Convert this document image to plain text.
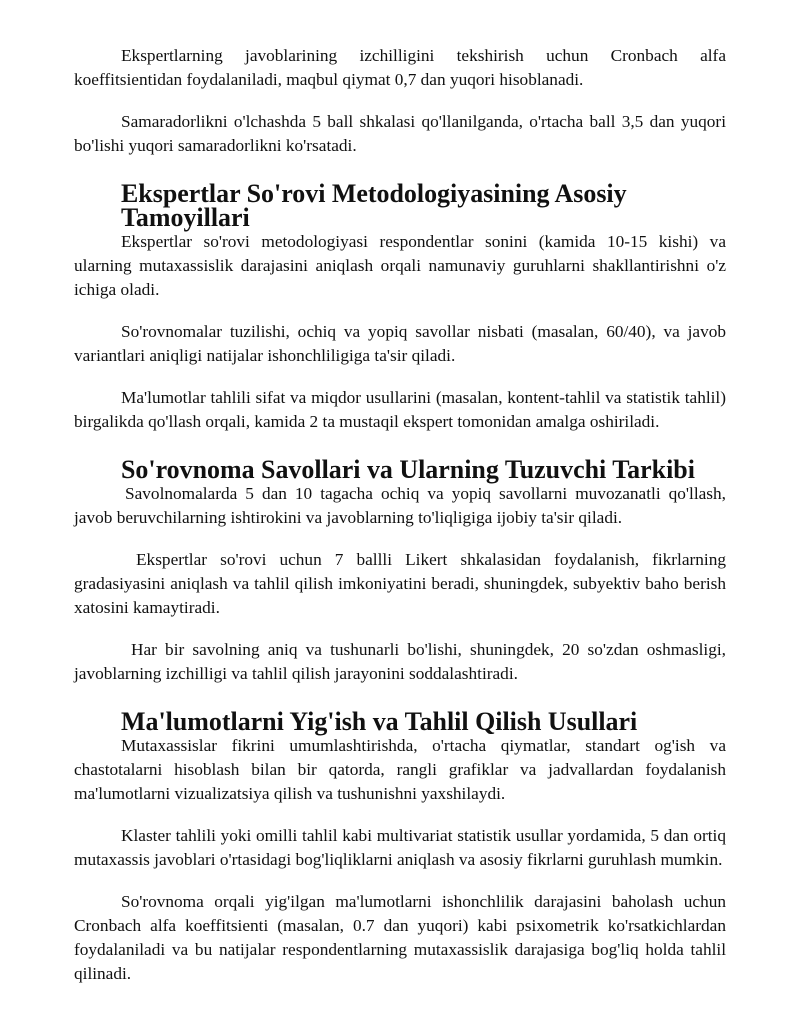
Ekspertlarning javoblarining izchilligini tekshirish uchun Cronbach alfa koeffitsientidan foydalaniladi, maqbul qiymat 0,7 dan yuqori hisoblanadi.

Samaradorlikni o'lchashda 5 ball shkalasi qo'llanilganda, o'rtacha ball 3,5 dan yuqori bo'lishi yuqori samaradorlikni ko'rsatadi.

Ekspertlar So'rovi Metodologiyasining Asosiy Tamoyillari

Ekspertlar so'rovi metodologiyasi respondentlar sonini (kamida 10-15 kishi) va ularning mutaxassislik darajasini aniqlash orqali namunaviy guruhlarni shakllantirishni o'z ichiga oladi.

So'rovnomalar tuzilishi, ochiq va yopiq savollar nisbati (masalan, 60/40), va javob variantlari aniqligi natijalar ishonchliligiga ta'sir qiladi.

Ma'lumotlar tahlili sifat va miqdor usullarini (masalan, kontent-tahlil va statistik tahlil) birgalikda qo'llash orqali, kamida 2 ta mustaqil ekspert tomonidan amalga oshiriladi.

So'rovnoma Savollari va Ularning Tuzuvchi Tarkibi

Savolnomalarda 5 dan 10 tagacha ochiq va yopiq savollarni muvozanatli qo'llash, javob beruvchilarning ishtirokini va javoblarning to'liqligiga ijobiy ta'sir qiladi.

Ekspertlar so'rovi uchun 7 ballli Likert shkalasidan foydalanish, fikrlarning gradasiyasini aniqlash va tahlil qilish imkoniyatini beradi, shuningdek, subyektiv baho berish xatosini kamaytiradi.

Har bir savolning aniq va tushunarli bo'lishi, shuningdek, 20 so'zdan oshmasligi, javoblarning izchilligi va tahlil qilish jarayonini soddalashtiradi.

Ma'lumotlarni Yig'ish va Tahlil Qilish Usullari

Mutaxassislar fikrini umumlashtirishda, o'rtacha qiymatlar, standart og'ish va chastotalarni hisoblash bilan bir qatorda, rangli grafiklar va jadvallardan foydalanish ma'lumotlarni vizualizatsiya qilish va tushunishni yaxshilaydi.

Klaster tahlili yoki omilli tahlil kabi multivariat statistik usullar yordamida, 5 dan ortiq mutaxassis javoblari o'rtasidagi bog'liqliklarni aniqlash va asosiy fikrlarni guruhlash mumkin.

So'rovnoma orqali yig'ilgan ma'lumotlarni ishonchlilik darajasini baholash uchun Cronbach alfa koeffitsienti (masalan, 0.7 dan yuqori) kabi psixometrik ko'rsatkichlardan foydalaniladi va bu natijalar respondentlarning mutaxassislik darajasiga bog'liq holda tahlil qilinadi.
